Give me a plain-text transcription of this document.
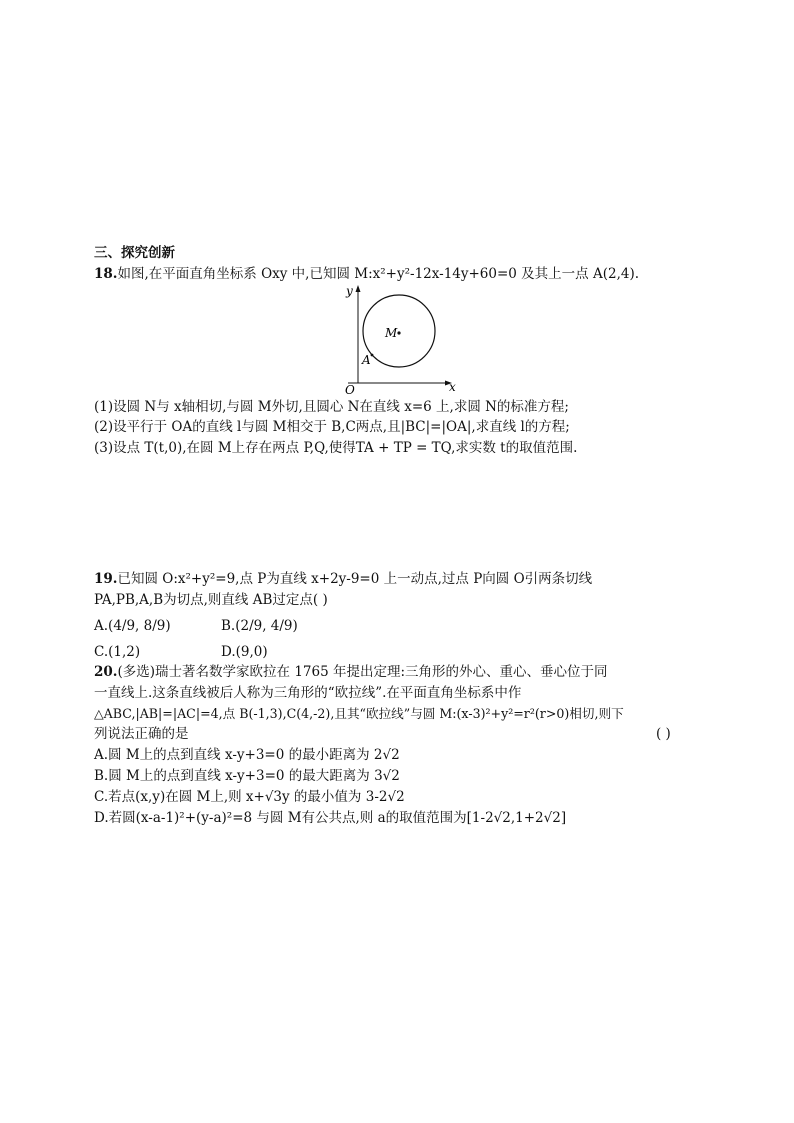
三、探究创新
18.如图,在平面直角坐标系 Oxy 中,已知圆 M:x²+y²-12x-14y+60=0 及其上一点 A(2,4).
y
x
O
M
A
(1)设圆 N与 x轴相切,与圆 M外切,且圆心 N在直线 x=6 上,求圆 N的标准方程;
(2)设平行于 OA的直线 l与圆 M相交于 B,C两点,且|BC|=|OA|,求直线 l的方程;
(3)设点 T(t,0),在圆 M上存在两点 P,Q,使得TA + TP = TQ,求实数 t的取值范围.
19.已知圆 O:x²+y²=9,点 P为直线 x+2y-9=0 上一动点,过点 P向圆 O引两条切线
PA,PB,A,B为切点,则直线 AB过定点( )
A.(4/9, 8/9)	B.(2/9, 4/9)
C.(1,2)	D.(9,0)
20.(多选)瑞士著名数学家欧拉在 1765 年提出定理:三角形的外心、重心、垂心位于同
一直线上.这条直线被后人称为三角形的“欧拉线”.在平面直角坐标系中作
△ABC,|AB|=|AC|=4,点 B(-1,3),C(4,-2),且其“欧拉线”与圆 M:(x-3)²+y²=r²(r>0)相切,则下
列说法正确的是	( )
A.圆 M上的点到直线 x-y+3=0 的最小距离为 2√2
B.圆 M上的点到直线 x-y+3=0 的最大距离为 3√2
C.若点(x,y)在圆 M上,则 x+√3y 的最小值为 3-2√2
D.若圆(x-a-1)²+(y-a)²=8 与圆 M有公共点,则 a的取值范围为[1-2√2,1+2√2]
